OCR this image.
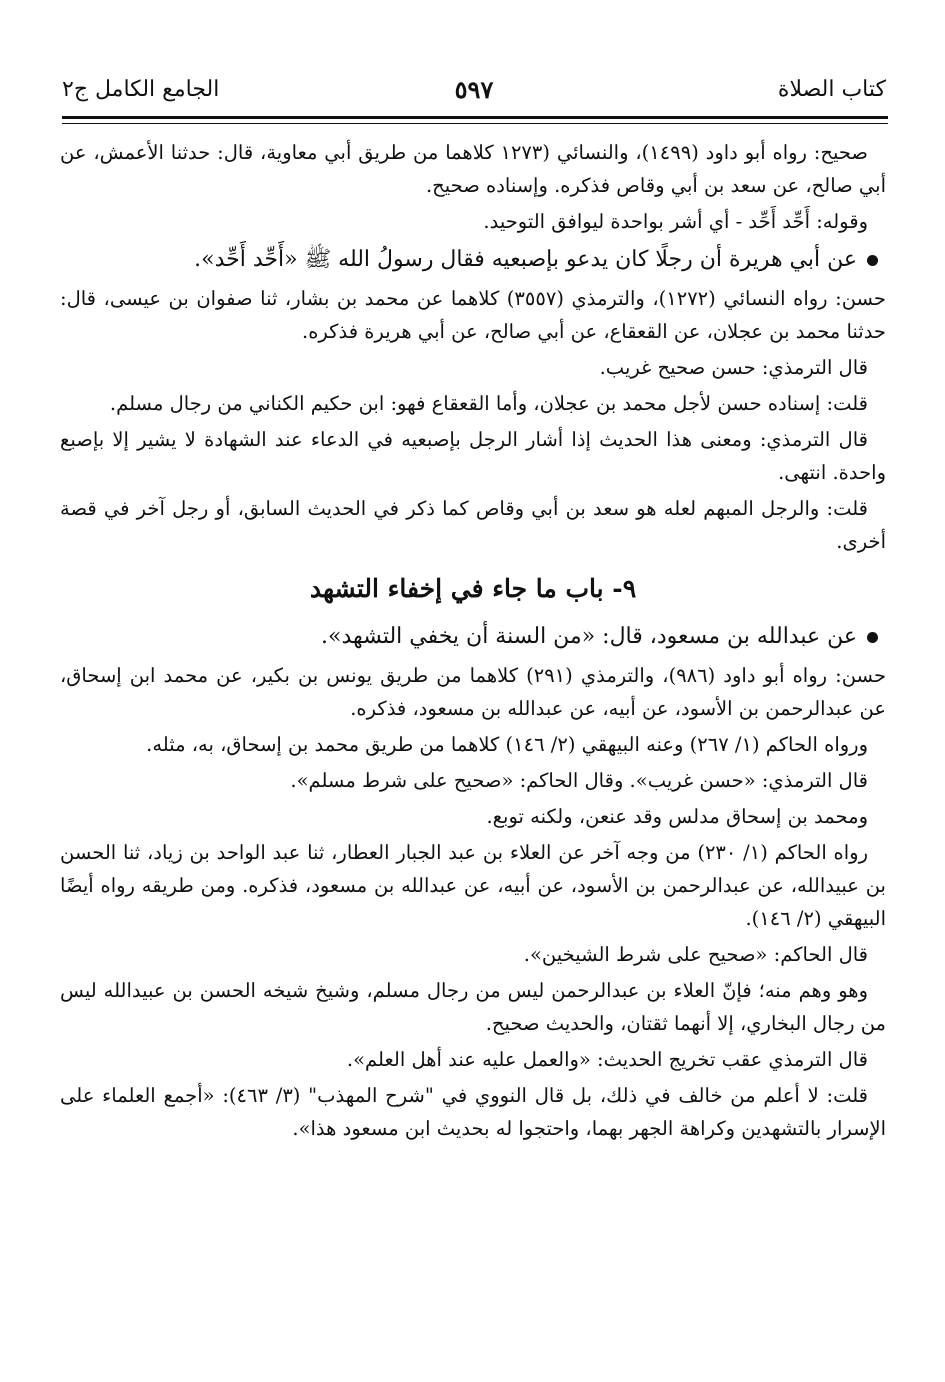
كتاب الصلاة
٥٩٧
الجامع الكامل ج٢

صحيح: رواه أبو داود (١٤٩٩)، والنسائي (١٢٧٣ كلاهما من طريق أبي معاوية، قال: حدثنا الأعمش، عن أبي صالح، عن سعد بن أبي وقاص فذكره. وإسناده صحيح.

وقوله: أَحِّد أَحِّد - أي أشر بواحدة ليوافق التوحيد.

عن أبي هريرة أن رجلًا كان يدعو بإصبعيه فقال رسولُ الله ﷺ «أَحِّد أَحِّد».

حسن: رواه النسائي (١٢٧٢)، والترمذي (٣٥٥٧) كلاهما عن محمد بن بشار، ثنا صفوان بن عيسى، قال: حدثنا محمد بن عجلان، عن القعقاع، عن أبي صالح، عن أبي هريرة فذكره.

قال الترمذي: حسن صحيح غريب.

قلت: إسناده حسن لأجل محمد بن عجلان، وأما القعقاع فهو: ابن حكيم الكناني من رجال مسلم.

قال الترمذي: ومعنى هذا الحديث إذا أشار الرجل بإصبعيه في الدعاء عند الشهادة لا يشير إلا بإصبع واحدة. انتهى.

قلت: والرجل المبهم لعله هو سعد بن أبي وقاص كما ذكر في الحديث السابق، أو رجل آخر في قصة أخرى.

٩- باب ما جاء في إخفاء التشهد

عن عبدالله بن مسعود، قال: «من السنة أن يخفي التشهد».

حسن: رواه أبو داود (٩٨٦)، والترمذي (٢٩١) كلاهما من طريق يونس بن بكير، عن محمد ابن إسحاق، عن عبدالرحمن بن الأسود، عن أبيه، عن عبدالله بن مسعود، فذكره.

ورواه الحاكم (١/ ٢٦٧) وعنه البيهقي (٢/ ١٤٦) كلاهما من طريق محمد بن إسحاق، به، مثله.

قال الترمذي: «حسن غريب». وقال الحاكم: «صحيح على شرط مسلم».

ومحمد بن إسحاق مدلس وقد عنعن، ولكنه توبع.

رواه الحاكم (١/ ٢٣٠) من وجه آخر عن العلاء بن عبد الجبار العطار، ثنا عبد الواحد بن زياد، ثنا الحسن بن عبيدالله، عن عبدالرحمن بن الأسود، عن أبيه، عن عبدالله بن مسعود، فذكره. ومن طريقه رواه أيضًا البيهقي (٢/ ١٤٦).

قال الحاكم: «صحيح على شرط الشيخين».

وهو وهم منه؛ فإنّ العلاء بن عبدالرحمن ليس من رجال مسلم، وشيخ شيخه الحسن بن عبيدالله ليس من رجال البخاري، إلا أنهما ثقتان، والحديث صحيح.

قال الترمذي عقب تخريج الحديث: «والعمل عليه عند أهل العلم».

قلت: لا أعلم من خالف في ذلك، بل قال النووي في "شرح المهذب" (٣/ ٤٦٣): «أجمع العلماء على الإسرار بالتشهدين وكراهة الجهر بهما، واحتجوا له بحديث ابن مسعود هذا».
